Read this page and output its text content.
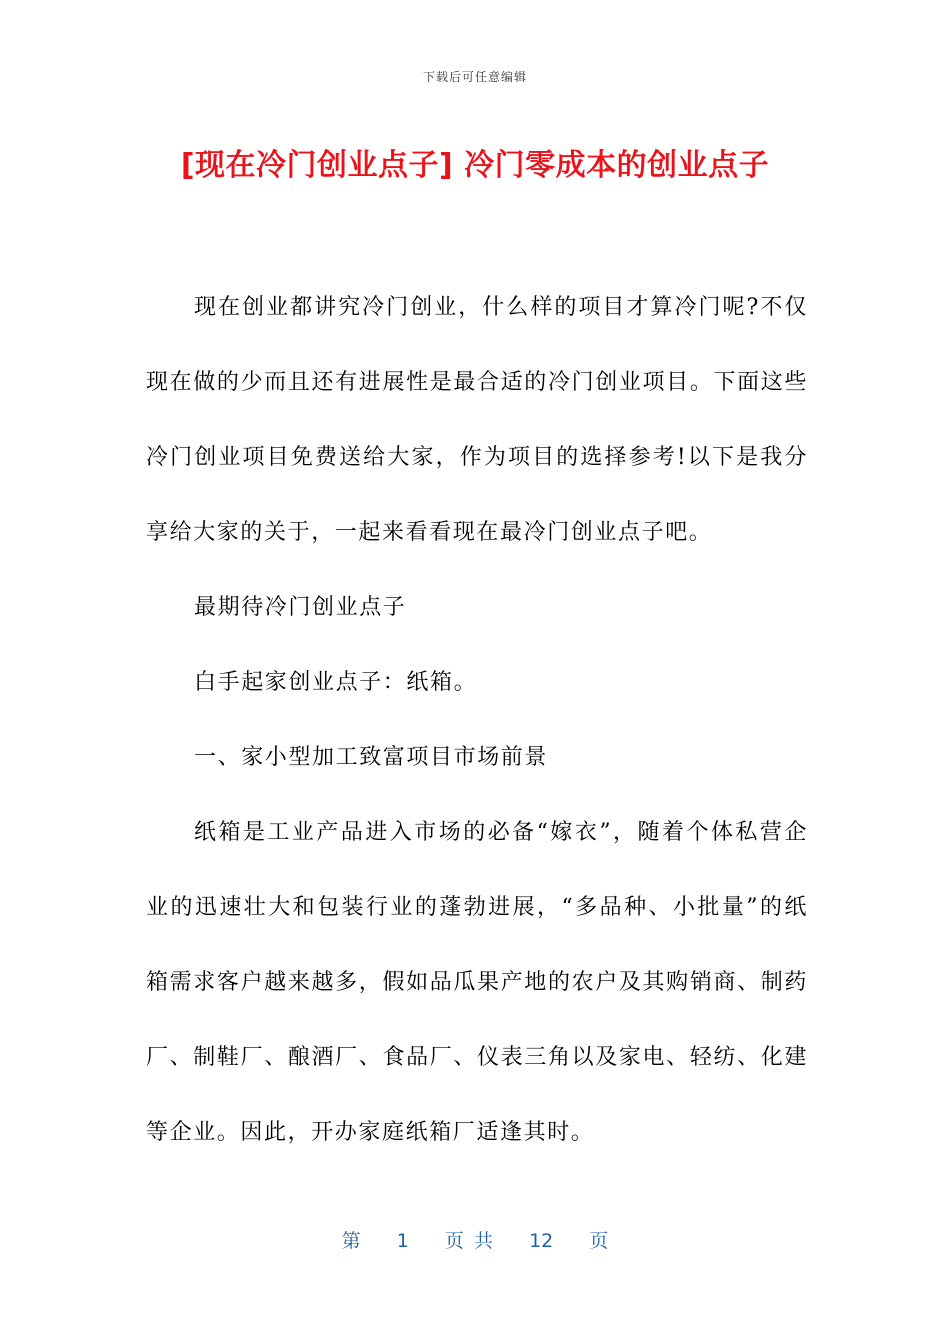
下载后可任意编辑
[现在冷门创业点子] 冷门零成本的创业点子

现在创业都讲究冷门创业，什么样的项目才算冷门呢?不仅现在做的少而且还有进展性是最合适的冷门创业项目。下面这些冷门创业项目免费送给大家，作为项目的选择参考!以下是我分享给大家的关于，一起来看看现在最冷门创业点子吧。

最期待冷门创业点子

白手起家创业点子：纸箱。

一、家小型加工致富项目市场前景

纸箱是工业产品进入市场的必备“嫁衣”，随着个体私营企业的迅速壮大和包装行业的蓬勃进展，“多品种、小批量”的纸箱需求客户越来越多，假如品瓜果产地的农户及其购销商、制药厂、制鞋厂、酿酒厂、食品厂、仪表三角以及家电、轻纺、化建等企业。因此，开办家庭纸箱厂适逢其时。

第 1 页 共 12 页
